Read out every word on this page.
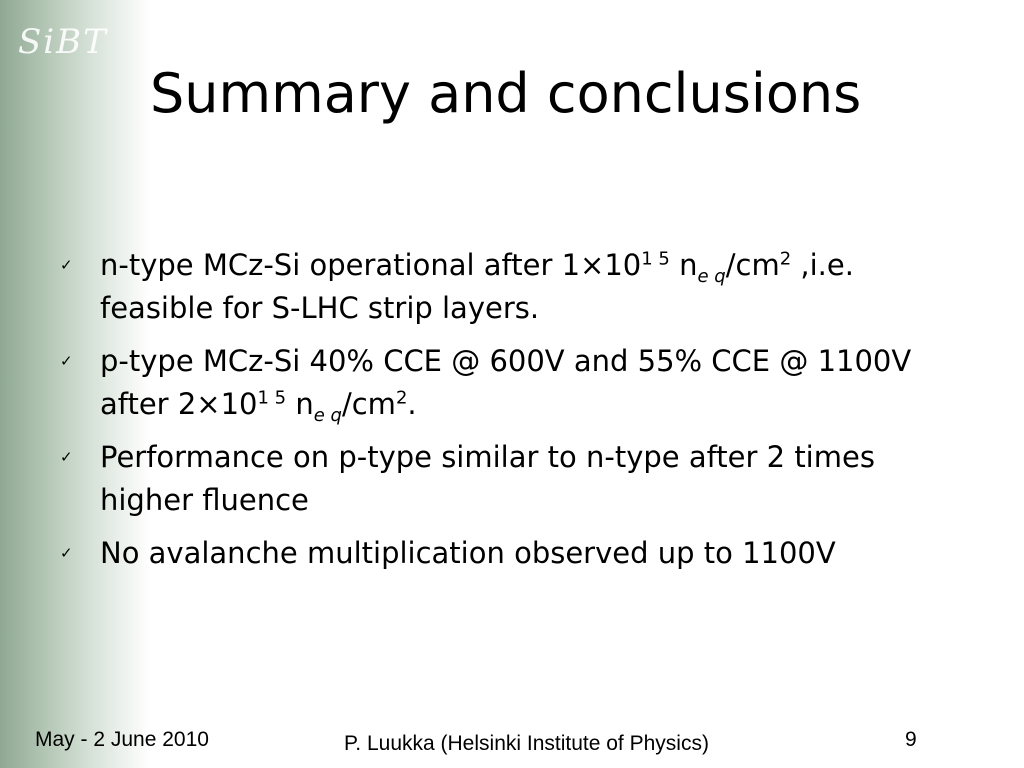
SiBT
Summary and conclusions
✓ n-type MCz-Si operational after $1\times 10^{1 5}$ $n_{e q}/cm^2$ ,i.e. feasible for S-LHC strip layers.
✓ p-type MCz-Si 40% CCE @ 600V and 55% CCE @ 1100V after $2\times 10^{1 5}$ $n_{e q}/cm^2$.
✓ Performance on p-type similar to n-type after 2 times higher fluence
✓ No avalanche multiplication observed up to 1100V
May - 2 June 2010	P. Luukka (Helsinki Institute of Physics)	9
